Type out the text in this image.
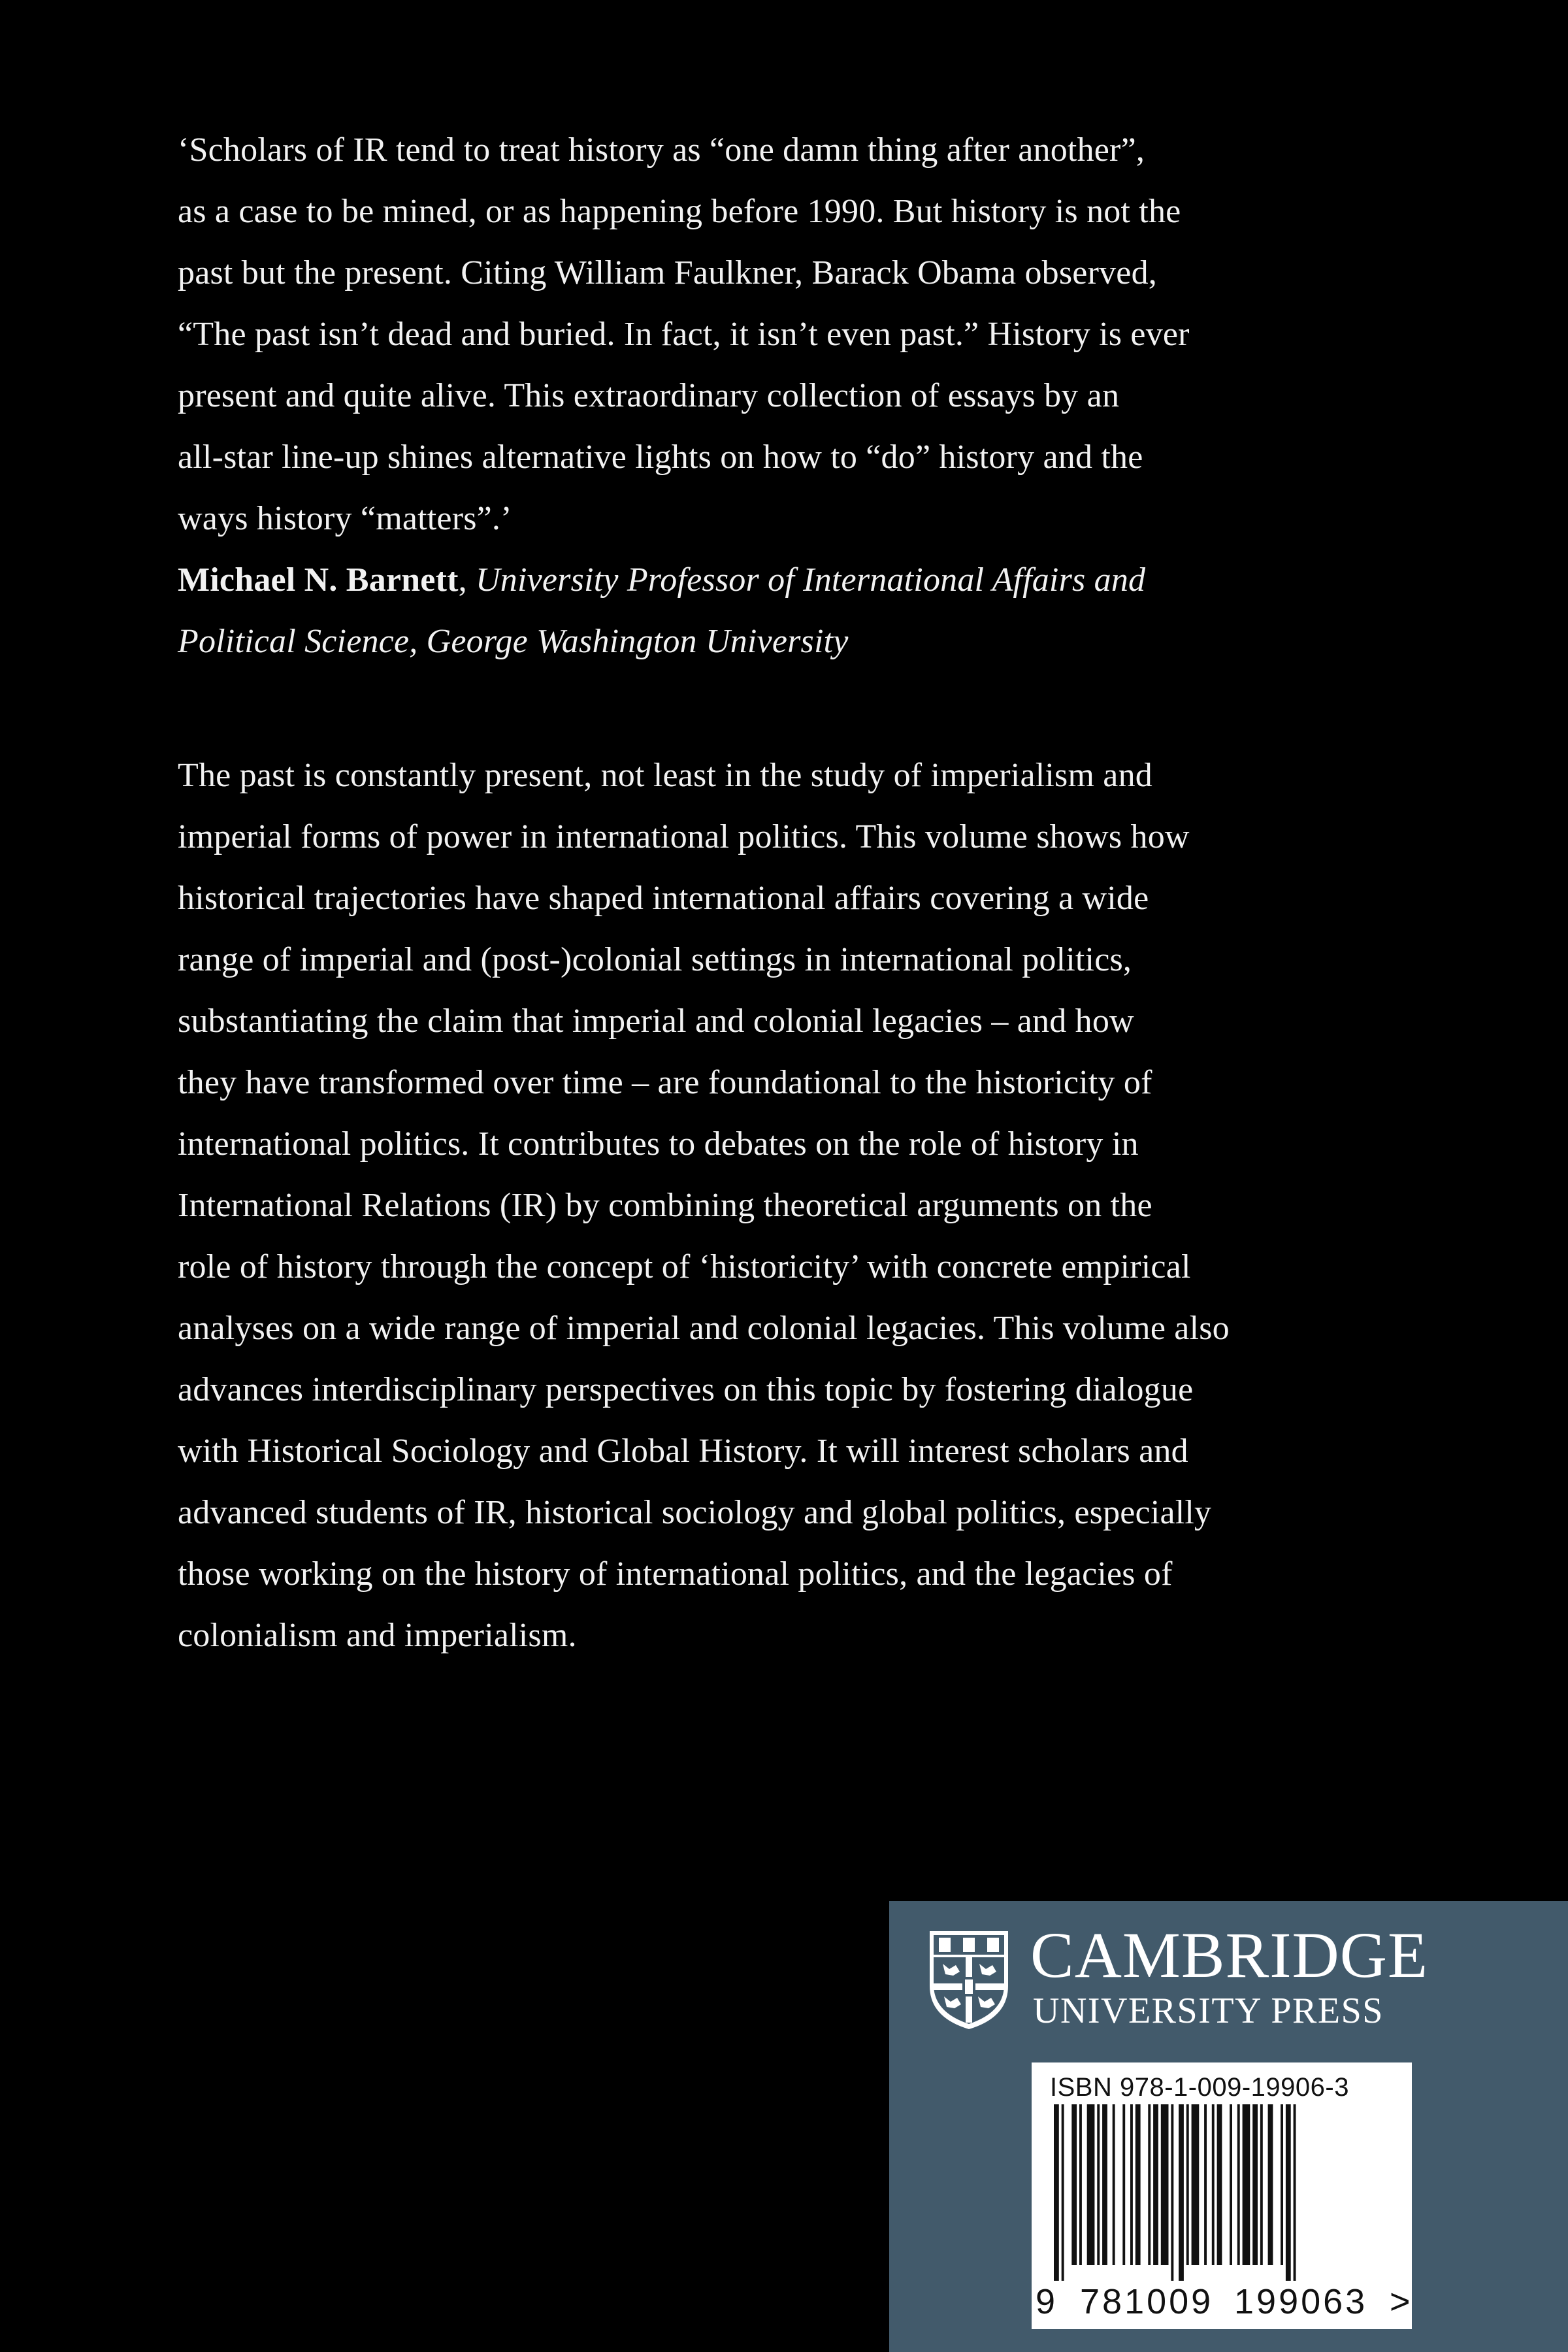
‘Scholars of IR tend to treat history as “one damn thing after another”,
as a case to be mined, or as happening before 1990. But history is not the
past but the present. Citing William Faulkner, Barack Obama observed,
“The past isn’t dead and buried. In fact, it isn’t even past.” History is ever
present and quite alive. This extraordinary collection of essays by an
all-star line-up shines alternative lights on how to “do” history and the
ways history “matters”.’
Michael N. Barnett, University Professor of International Affairs and
Political Science, George Washington University
The past is constantly present, not least in the study of imperialism and
imperial forms of power in international politics. This volume shows how
historical trajectories have shaped international affairs covering a wide
range of imperial and (post-)colonial settings in international politics,
substantiating the claim that imperial and colonial legacies – and how
they have transformed over time – are foundational to the historicity of
international politics. It contributes to debates on the role of history in
International Relations (IR) by combining theoretical arguments on the
role of history through the concept of ‘historicity’ with concrete empirical
analyses on a wide range of imperial and colonial legacies. This volume also
advances interdisciplinary perspectives on this topic by fostering dialogue
with Historical Sociology and Global History. It will interest scholars and
advanced students of IR, historical sociology and global politics, especially
those working on the history of international politics, and the legacies of
colonialism and imperialism.
CAMBRIDGE
UNIVERSITY PRESS
ISBN 978-1-009-19906-3
9 781009 199063 >
